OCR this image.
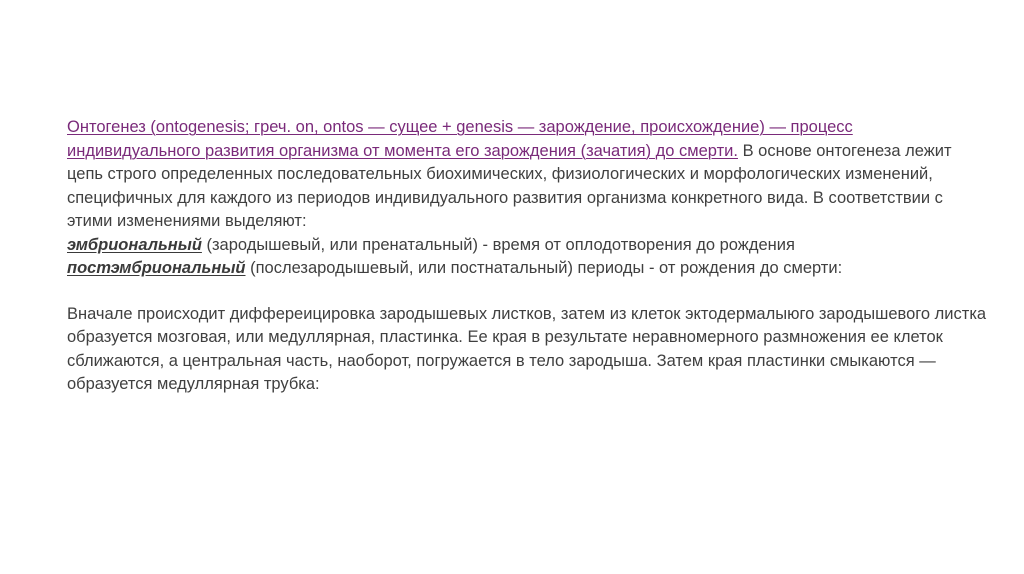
Онтогенез (ontogenesis; греч. on, ontos — сущее + genesis — зарождение, происхождение) — процесс индивидуального развития организма от момента его зарождения (зачатия) до смерти. В основе онтогенеза лежит цепь строго определенных последовательных биохимических, физиологических и морфологических изменений, специфичных для каждого из периодов индивидуального развития организма конкретного вида. В соответствии с этими изменениями выделяют:
эмбриональный (зародышевый, или пренатальный) - время от оплодотворения до рождения
постэмбриональный (послезародышевый, или постнатальный) периоды - от рождения до смерти:

Вначале происходит диффереицировка зародышевых листков, затем из клеток эктодермалыюго зародышевого листка образуется мозговая, или медуллярная, пластинка. Ее края в результате неравномерного размножения ее клеток сближаются, а центральная часть, наоборот, погружается в тело зародыша. Затем края пластинки смыкаются — образуется медуллярная трубка:
